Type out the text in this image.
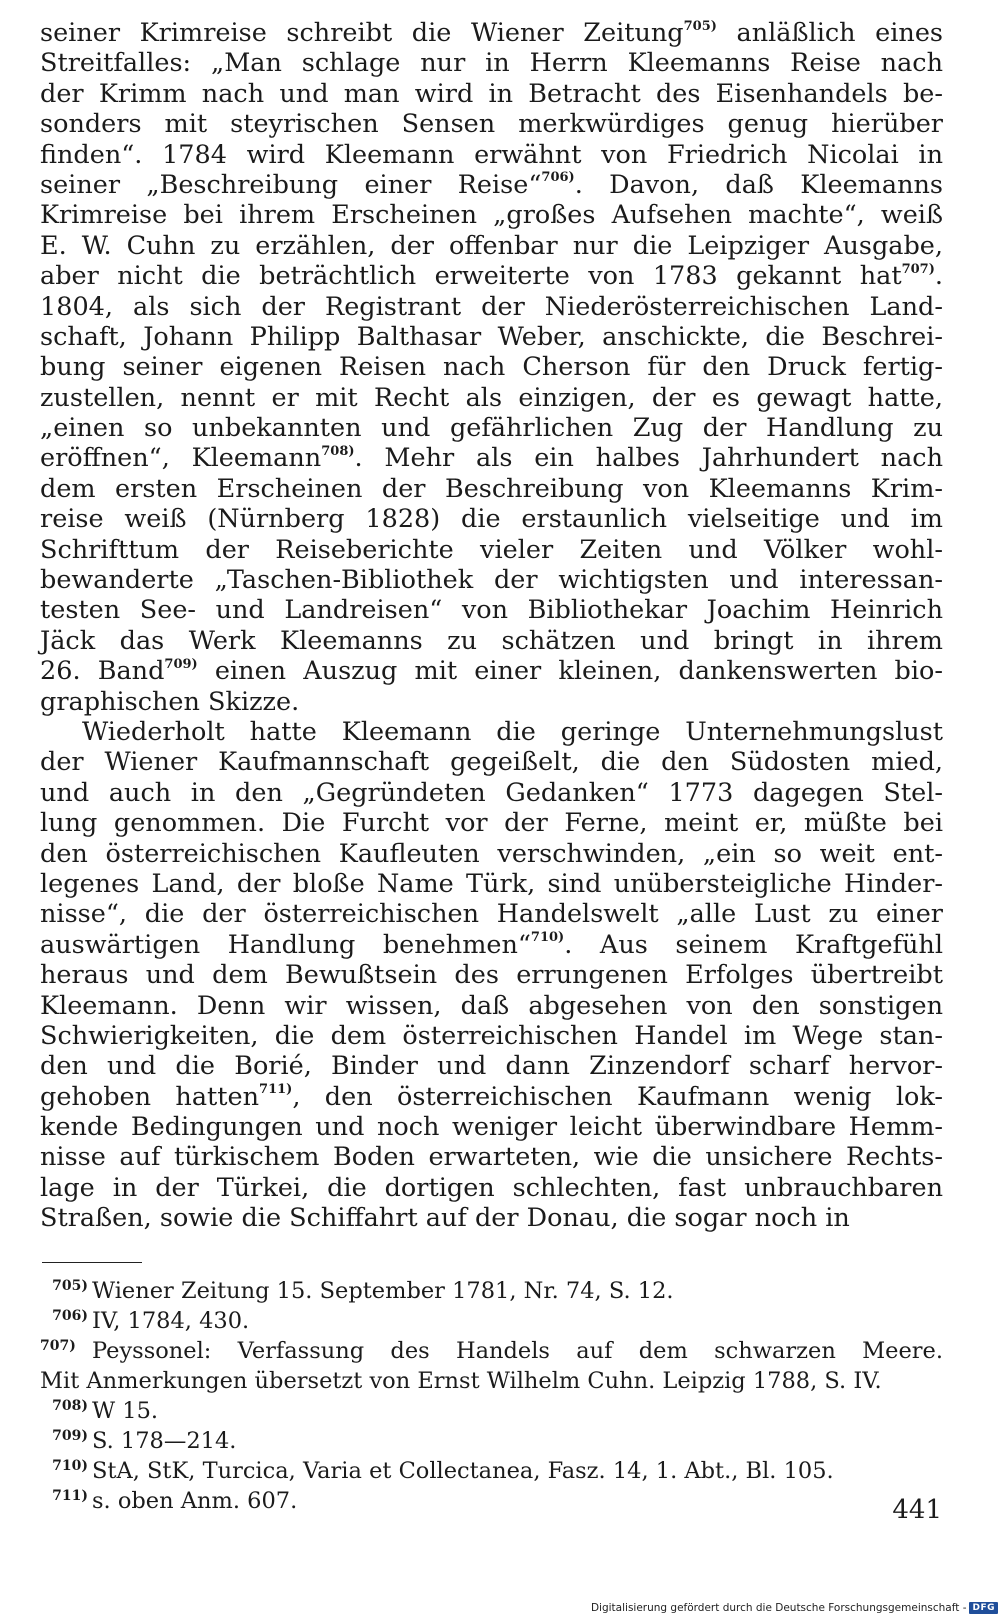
seiner Krimreise schreibt die Wiener Zeitung$^{705)}$ anläßlich eines
Streitfalles: „Man schlage nur in Herrn Kleemanns Reise nach
der Krimm nach und man wird in Betracht des Eisenhandels be-
sonders mit steyrischen Sensen merkwürdiges genug hierüber
finden“. 1784 wird Kleemann erwähnt von Friedrich Nicolai in
seiner „Beschreibung einer Reise“$^{706)}$. Davon, daß Kleemanns
Krimreise bei ihrem Erscheinen „großes Aufsehen machte“, weiß
E. W. Cuhn zu erzählen, der offenbar nur die Leipziger Ausgabe,
aber nicht die beträchtlich erweiterte von 1783 gekannt hat$^{707)}$.
1804, als sich der Registrant der Niederösterreichischen Land-
schaft, Johann Philipp Balthasar Weber, anschickte, die Beschrei-
bung seiner eigenen Reisen nach Cherson für den Druck fertig-
zustellen, nennt er mit Recht als einzigen, der es gewagt hatte,
„einen so unbekannten und gefährlichen Zug der Handlung zu
eröffnen“, Kleemann$^{708)}$. Mehr als ein halbes Jahrhundert nach
dem ersten Erscheinen der Beschreibung von Kleemanns Krim-
reise weiß (Nürnberg 1828) die erstaunlich vielseitige und im
Schrifttum der Reiseberichte vieler Zeiten und Völker wohl-
bewanderte „Taschen-Bibliothek der wichtigsten und interessan-
testen See- und Landreisen“ von Bibliothekar Joachim Heinrich
Jäck das Werk Kleemanns zu schätzen und bringt in ihrem
26. Band$^{709)}$ einen Auszug mit einer kleinen, dankenswerten bio-
graphischen Skizze.
Wiederholt hatte Kleemann die geringe Unternehmungslust
der Wiener Kaufmannschaft gegeißelt, die den Südosten mied,
und auch in den „Gegründeten Gedanken“ 1773 dagegen Stel-
lung genommen. Die Furcht vor der Ferne, meint er, müßte bei
den österreichischen Kaufleuten verschwinden, „ein so weit ent-
legenes Land, der bloße Name Türk, sind unübersteigliche Hinder-
nisse“, die der österreichischen Handelswelt „alle Lust zu einer
auswärtigen Handlung benehmen“$^{710)}$. Aus seinem Kraftgefühl
heraus und dem Bewußtsein des errungenen Erfolges übertreibt
Kleemann. Denn wir wissen, daß abgesehen von den sonstigen
Schwierigkeiten, die dem österreichischen Handel im Wege stan-
den und die Borié, Binder und dann Zinzendorf scharf hervor-
gehoben hatten$^{711)}$, den österreichischen Kaufmann wenig lok-
kende Bedingungen und noch weniger leicht überwindbare Hemm-
nisse auf türkischem Boden erwarteten, wie die unsichere Rechts-
lage in der Türkei, die dortigen schlechten, fast unbrauchbaren
Straßen, sowie die Schiffahrt auf der Donau, die sogar noch in
705) Wiener Zeitung 15. September 1781, Nr. 74, S. 12.
706) IV, 1784, 430.
707) Peyssonel: Verfassung des Handels auf dem schwarzen Meere.
Mit Anmerkungen übersetzt von Ernst Wilhelm Cuhn. Leipzig 1788, S. IV.
708) W 15.
709) S. 178—214.
710) StA, StK, Turcica, Varia et Collectanea, Fasz. 14, 1. Abt., Bl. 105.
711) s. oben Anm. 607.	441
Digitalisierung gefördert durch die Deutsche Forschungsgemeinschaft - DFG
